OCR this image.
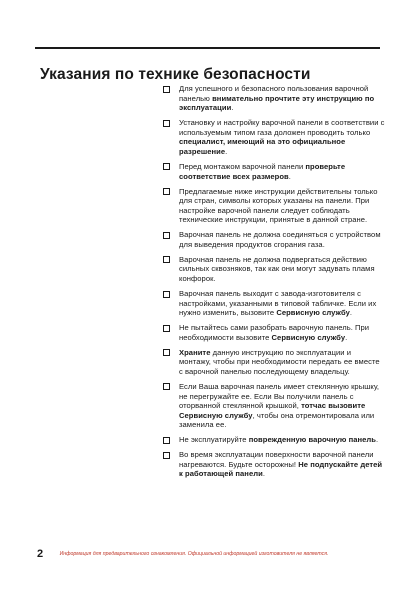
Указания по технике безопасности
Для успешного и безопасного пользования варочной панелью внимательно прочтите эту инструкцию по эксплуатации.
Установку и настройку варочной панели в соответствии с используемым типом газа доложен проводить только специалист, имеющий на это официальное разрешение.
Перед монтажом варочной панели проверьте соответствие всех размеров.
Предлагаемые ниже инструкции действительны только для стран, символы которых указаны на панели. При настройке варочной панели следует соблюдать технические инструкции, принятые в данной стране.
Варочная панель не должна соединяться с устройством для выведения продуктов сгорания газа.
Варочная панель не должна подвергаться действию сильных сквозняков, так как они могут задувать пламя конфорок.
Варочная панель выходит с завода-изготовителя с настройками, указанными в типовой табличке. Если их нужно изменить, вызовите Сервисную службу.
Не пытайтесь сами разобрать варочную панель. При необходимости вызовите Сервисную службу.
Храните данную инструкцию по эксплуатации и монтажу, чтобы при необходимости передать ее вместе с варочной панелью последующему владельцу.
Если Ваша варочная панель имеет стеклянную крышку, не перегружайте ее. Если Вы получили панель с оторванной стеклянной крышкой, тотчас вызовите Сервисную службу, чтобы она отремонтировала или заменила ее.
Не эксплуатируйте поврежденную варочную панель.
Во время эксплуатации поверхности варочной панели нагреваются. Будьте осторожны! Не подпускайте детей к работающей панели.
2	Информация для предварительного ознакомления. Официальной информацией изготовителя не является.
